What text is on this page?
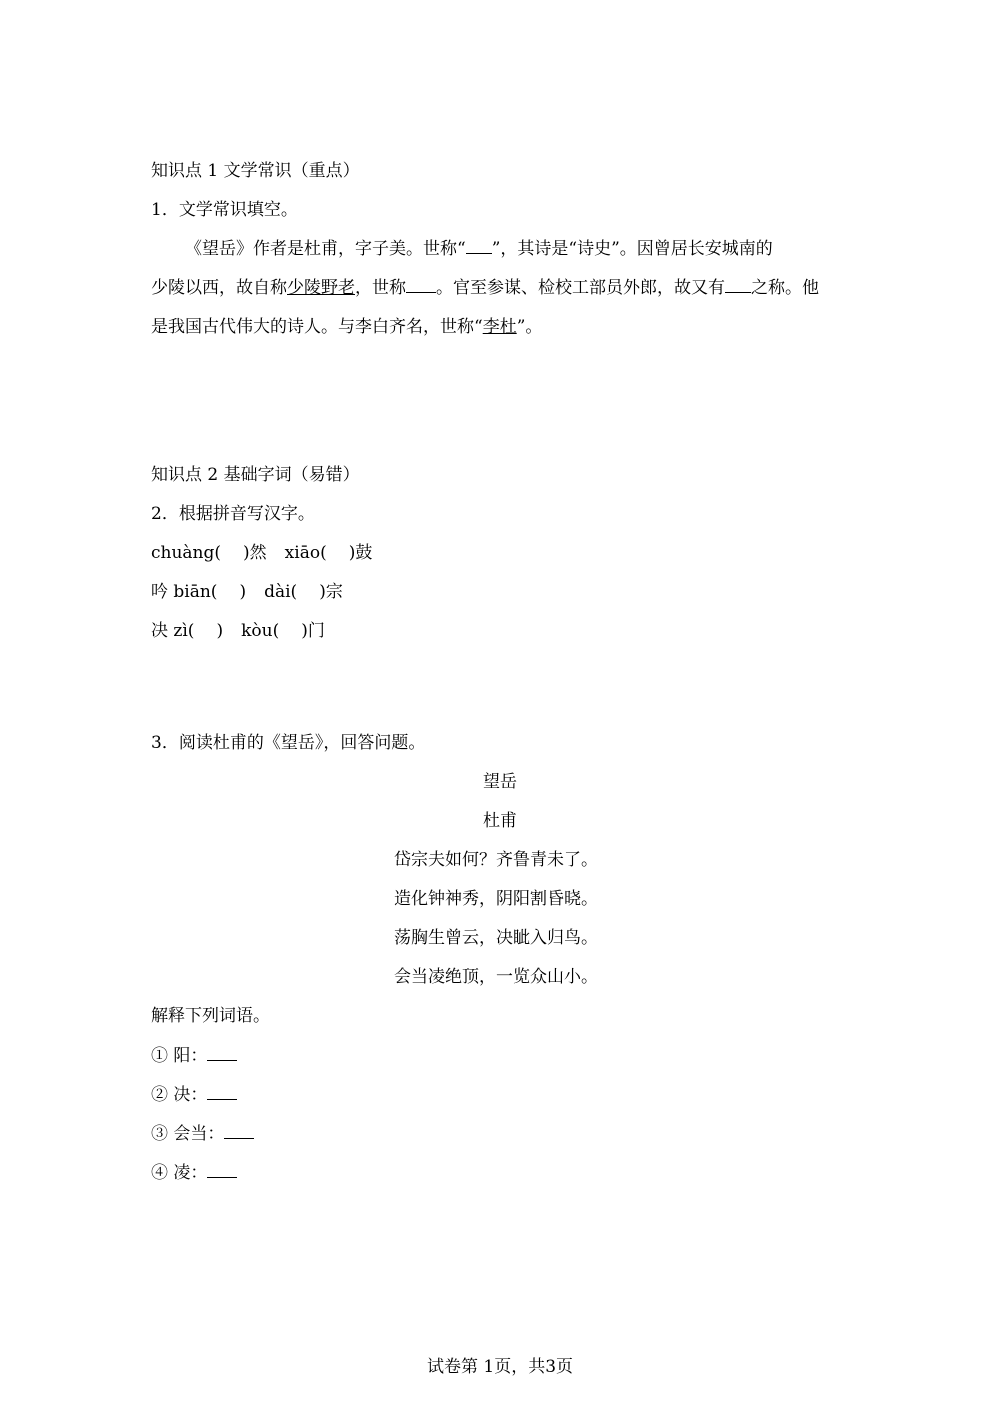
知识点 1 文学常识（重点）
1．文学常识填空。
《望岳》作者是杜甫，字子美。世称“ ”，其诗是“诗史”。因曾居长安城南的
少陵以西，故自称少陵野老，世称 。官至参谋、检校工部员外郎，故又有 之称。他
是我国古代伟大的诗人。与李白齐名，世称“李杜”。
知识点 2 基础字词（易错）
2．根据拼音写汉字。
chuàng( )然 xiāo( )鼓
吟 biān( ) dài( )宗
决 zì( ) kòu( )门
3．阅读杜甫的《望岳》，回答问题。
望岳
杜甫
岱宗夫如何？齐鲁青未了。
造化钟神秀，阴阳割昏晓。
荡胸生曾云，决眦入归鸟。
会当凌绝顶，一览众山小。
解释下列词语。
① 阳：
② 决：
③ 会当：
④ 凌：
试卷第 1页，共3页
